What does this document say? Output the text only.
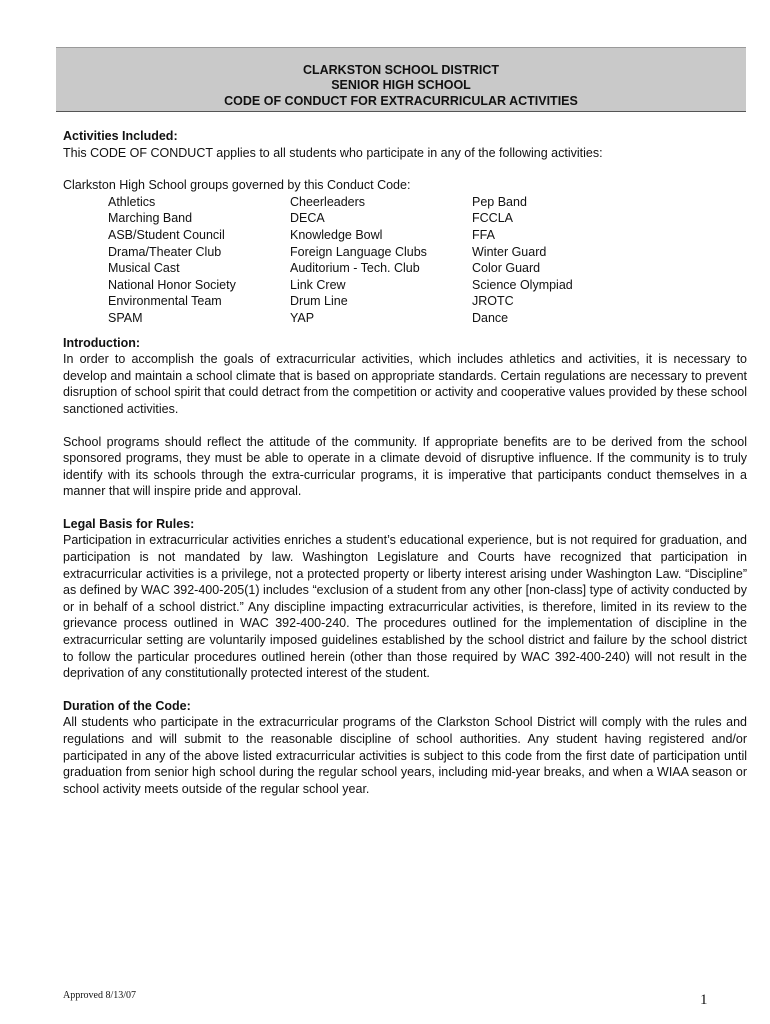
CLARKSTON SCHOOL DISTRICT
SENIOR HIGH SCHOOL
CODE OF CONDUCT FOR EXTRACURRICULAR ACTIVITIES

Activities Included:

This CODE OF CONDUCT applies to all students who participate in any of the following activities:

Clarkston High School groups governed by this Conduct Code:

Athletics	Cheerleaders	Pep Band
Marching Band	DECA	FCCLA
ASB/Student Council	Knowledge Bowl	FFA
Drama/Theater Club	Foreign Language Clubs	Winter Guard
Musical Cast	Auditorium - Tech. Club	Color Guard
National Honor Society	Link Crew	Science Olympiad
Environmental Team	Drum Line	JROTC
SPAM	YAP	Dance

Introduction:

In order to accomplish the goals of extracurricular activities, which includes athletics and activities, it is necessary to develop and maintain a school climate that is based on appropriate standards. Certain regulations are necessary to prevent disruption of school spirit that could detract from the competition or activity and cooperative values provided by these school sanctioned activities.

School programs should reflect the attitude of the community. If appropriate benefits are to be derived from the school sponsored programs, they must be able to operate in a climate devoid of disruptive influence. If the community is to truly identify with its schools through the extra-curricular programs, it is imperative that participants conduct themselves in a manner that will inspire pride and approval.

Legal Basis for Rules:

Participation in extracurricular activities enriches a student’s educational experience, but is not required for graduation, and participation is not mandated by law. Washington Legislature and Courts have recognized that participation in extracurricular activities is a privilege, not a protected property or liberty interest arising under Washington Law. “Discipline” as defined by WAC 392-400-205(1) includes “exclusion of a student from any other [non-class] type of activity conducted by or in behalf of a school district.” Any discipline impacting extracurricular activities, is therefore, limited in its review to the grievance process outlined in WAC 392-400-240. The procedures outlined for the implementation of discipline in the extracurricular setting are voluntarily imposed guidelines established by the school district and failure by the school district to follow the particular procedures outlined herein (other than those required by WAC 392-400-240) will not result in the deprivation of any constitutionally protected interest of the student.

Duration of the Code:

All students who participate in the extracurricular programs of the Clarkston School District will comply with the rules and regulations and will submit to the reasonable discipline of school authorities. Any student having registered and/or participated in any of the above listed extracurricular activities is subject to this code from the first date of participation until graduation from senior high school during the regular school years, including mid-year breaks, and when a WIAA season or school activity meets outside of the regular school year.

Approved 8/13/07	1
